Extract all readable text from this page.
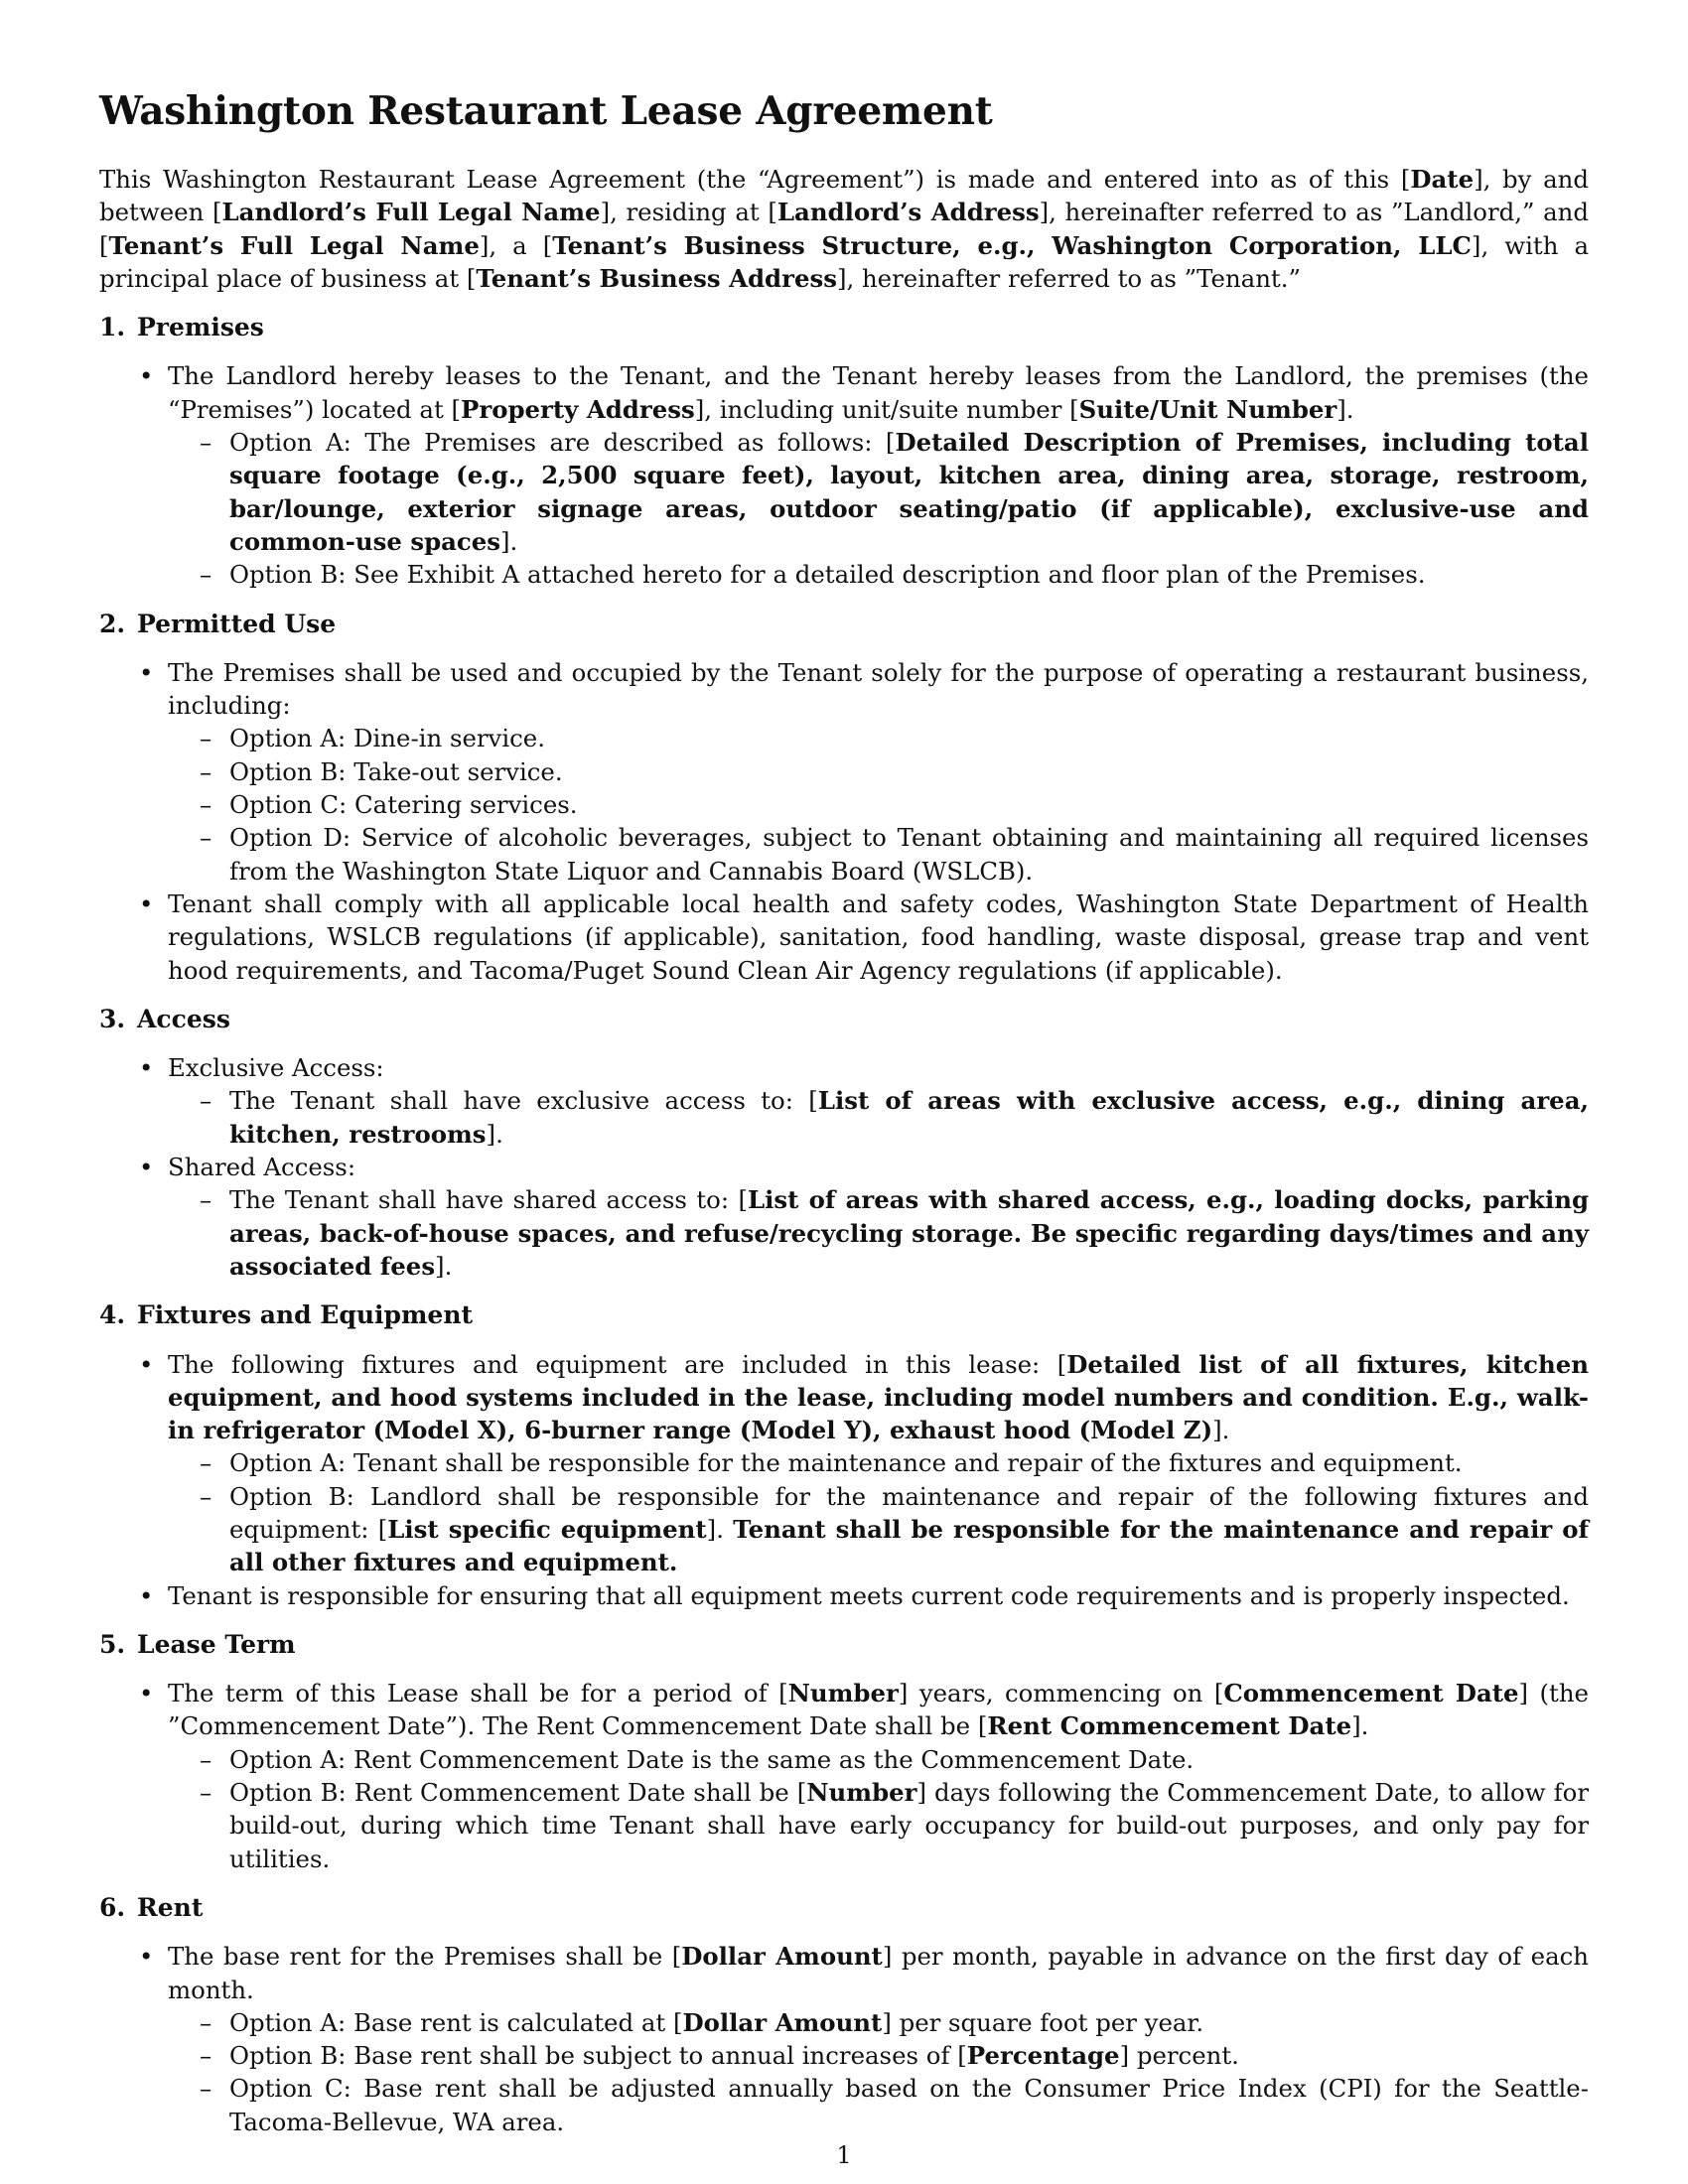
Washington Restaurant Lease Agreement

This Washington Restaurant Lease Agreement (the “Agreement”) is made and entered into as of this [Date], by and between [Landlord’s Full Legal Name], residing at [Landlord’s Address], hereinafter referred to as ”Landlord,” and [Tenant’s Full Legal Name], a [Tenant’s Business Structure, e.g., Washington Corporation, LLC], with a principal place of business at [Tenant’s Business Address], hereinafter referred to as ”Tenant.”

1. Premises
• The Landlord hereby leases to the Tenant, and the Tenant hereby leases from the Landlord, the premises (the “Premises”) located at [Property Address], including unit/suite number [Suite/Unit Number].
– Option A: The Premises are described as follows: [Detailed Description of Premises, including total square footage (e.g., 2,500 square feet), layout, kitchen area, dining area, storage, restroom, bar/lounge, exterior signage areas, outdoor seating/patio (if applicable), exclusive-use and common-use spaces].
– Option B: See Exhibit A attached hereto for a detailed description and floor plan of the Premises.
2. Permitted Use
• The Premises shall be used and occupied by the Tenant solely for the purpose of operating a restaurant business, including:
– Option A: Dine-in service.
– Option B: Take-out service.
– Option C: Catering services.
– Option D: Service of alcoholic beverages, subject to Tenant obtaining and maintaining all required licenses from the Washington State Liquor and Cannabis Board (WSLCB).
• Tenant shall comply with all applicable local health and safety codes, Washington State Department of Health regulations, WSLCB regulations (if applicable), sanitation, food handling, waste disposal, grease trap and vent hood requirements, and Tacoma/Puget Sound Clean Air Agency regulations (if applicable).
3. Access
• Exclusive Access:
– The Tenant shall have exclusive access to: [List of areas with exclusive access, e.g., dining area, kitchen, restrooms].
• Shared Access:
– The Tenant shall have shared access to: [List of areas with shared access, e.g., loading docks, parking areas, back-of-house spaces, and refuse/recycling storage. Be specific regarding days/times and any associated fees].
4. Fixtures and Equipment
• The following fixtures and equipment are included in this lease: [Detailed list of all fixtures, kitchen equipment, and hood systems included in the lease, including model numbers and condition. E.g., walk-in refrigerator (Model X), 6-burner range (Model Y), exhaust hood (Model Z)].
– Option A: Tenant shall be responsible for the maintenance and repair of the fixtures and equipment.
– Option B: Landlord shall be responsible for the maintenance and repair of the following fixtures and equipment: [List specific equipment]. Tenant shall be responsible for the maintenance and repair of all other fixtures and equipment.
• Tenant is responsible for ensuring that all equipment meets current code requirements and is properly inspected.
5. Lease Term
• The term of this Lease shall be for a period of [Number] years, commencing on [Commencement Date] (the ”Commencement Date”). The Rent Commencement Date shall be [Rent Commencement Date].
– Option A: Rent Commencement Date is the same as the Commencement Date.
– Option B: Rent Commencement Date shall be [Number] days following the Commencement Date, to allow for build-out, during which time Tenant shall have early occupancy for build-out purposes, and only pay for utilities.
6. Rent
• The base rent for the Premises shall be [Dollar Amount] per month, payable in advance on the first day of each month.
– Option A: Base rent is calculated at [Dollar Amount] per square foot per year.
– Option B: Base rent shall be subject to annual increases of [Percentage] percent.
– Option C: Base rent shall be adjusted annually based on the Consumer Price Index (CPI) for the Seattle-Tacoma-Bellevue, WA area.
1
